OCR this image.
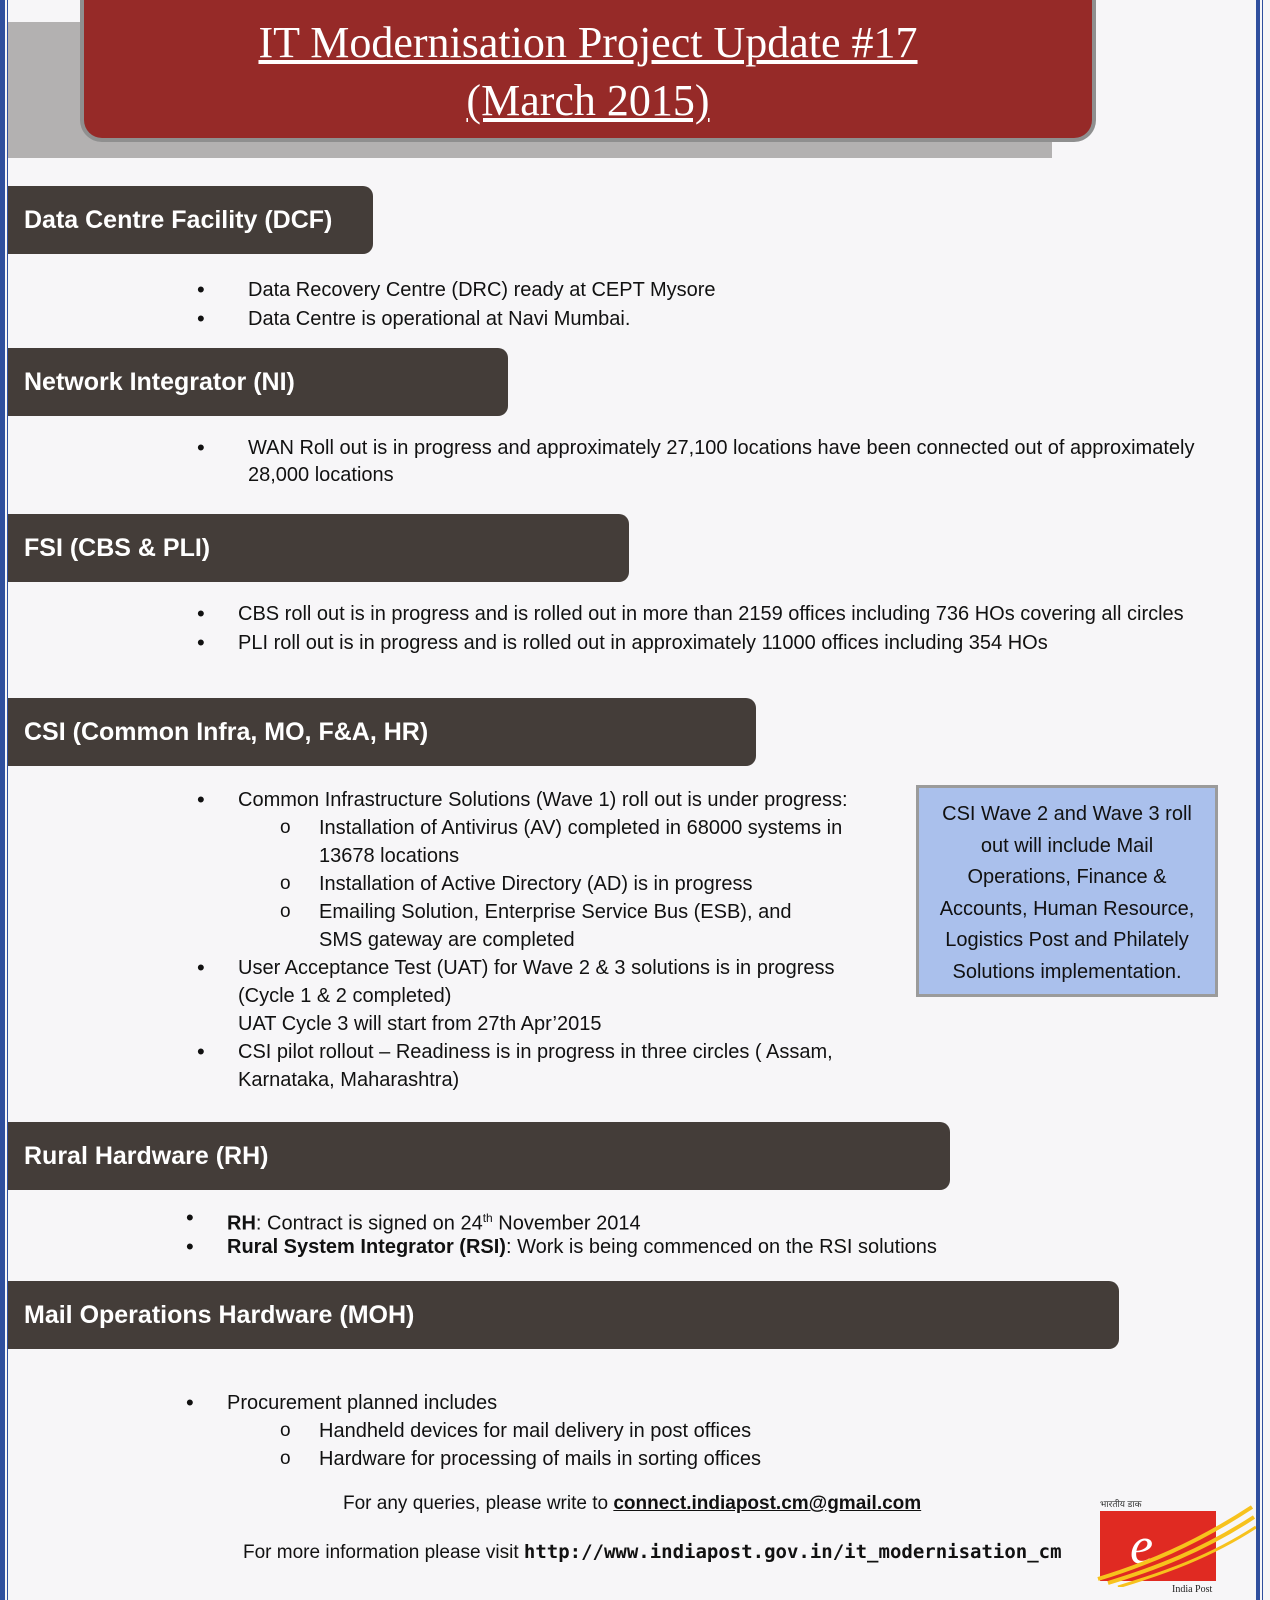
IT Modernisation Project Update #17
(March 2015)
Data Centre Facility (DCF)
• Data Recovery Centre (DRC) ready at CEPT Mysore
• Data Centre is operational at Navi Mumbai.
Network Integrator (NI)
• WAN Roll out is in progress and approximately 27,100 locations have been connected out of approximately
28,000 locations
FSI (CBS & PLI)
• CBS roll out is in progress and is rolled out in more than 2159 offices including 736 HOs covering all circles
• PLI roll out is in progress and is rolled out in approximately 11000 offices including 354 HOs
CSI (Common Infra, MO, F&A, HR)
• Common Infrastructure Solutions (Wave 1) roll out is under progress:
o Installation of Antivirus (AV) completed in 68000 systems in
13678 locations
o Installation of Active Directory (AD) is in progress
o Emailing Solution, Enterprise Service Bus (ESB), and
SMS gateway are completed
• User Acceptance Test (UAT) for Wave 2 & 3 solutions is in progress
(Cycle 1 & 2 completed)
UAT Cycle 3 will start from 27th Apr’2015
• CSI pilot rollout – Readiness is in progress in three circles ( Assam,
Karnataka, Maharashtra)
CSI Wave 2 and Wave 3 roll
out will include Mail
Operations, Finance &
Accounts, Human Resource,
Logistics Post and Philately
Solutions implementation.
Rural Hardware (RH)
• RH: Contract is signed on 24th November 2014
• Rural System Integrator (RSI): Work is being commenced on the RSI solutions
Mail Operations Hardware (MOH)
• Procurement planned includes
o Handheld devices for mail delivery in post offices
o Hardware for processing of mails in sorting offices
For any queries, please write to connect.indiapost.cm@gmail.com
For more information please visit http://www.indiapost.gov.in/it_modernisation_cm
भारतीय डाक
e
India Post
